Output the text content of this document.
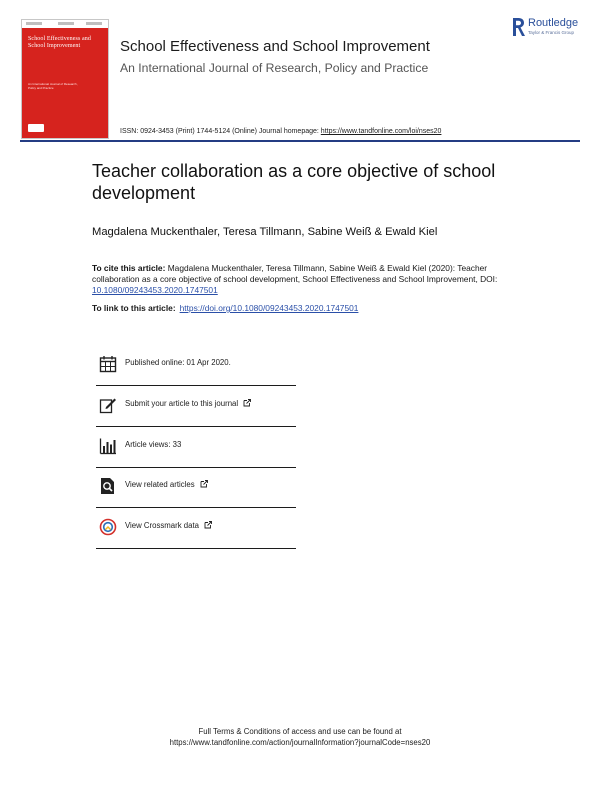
School Effectiveness and School Improvement
An International Journal of Research, Policy and Practice
School Effectiveness and School Improvement
An International Journal of Research, Policy and Practice
Routledge
Taylor & Francis Group
ISSN: 0924-3453 (Print) 1744-5124 (Online) Journal homepage: https://www.tandfonline.com/loi/nses20
Teacher collaboration as a core objective of school development
Magdalena Muckenthaler, Teresa Tillmann, Sabine Weiß & Ewald Kiel
To cite this article: Magdalena Muckenthaler, Teresa Tillmann, Sabine Weiß & Ewald Kiel (2020): Teacher collaboration as a core objective of school development, School Effectiveness and School Improvement, DOI: 10.1080/09243453.2020.1747501
To link to this article: https://doi.org/10.1080/09243453.2020.1747501
Published online: 01 Apr 2020.
Submit your article to this journal
Article views: 33
View related articles
View Crossmark data
Full Terms & Conditions of access and use can be found at
https://www.tandfonline.com/action/journalInformation?journalCode=nses20
